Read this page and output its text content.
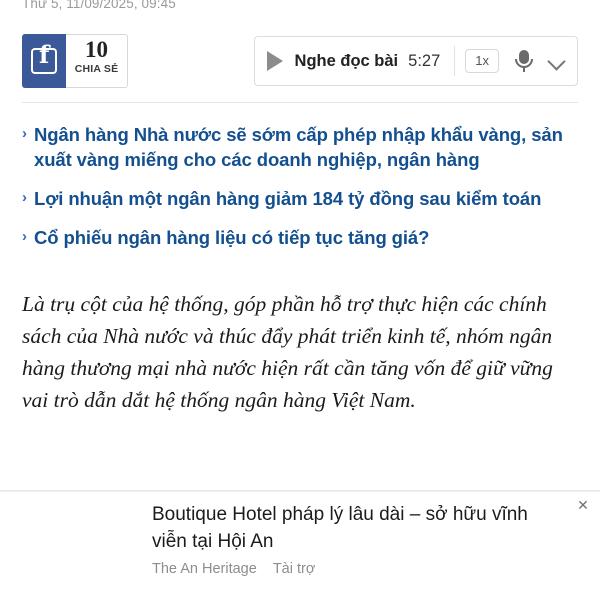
Thứ 5, 11/09/2025, 09:45
f
10
CHIA SẺ	Nghe đọc bài 5:27	1x
› Ngân hàng Nhà nước sẽ sớm cấp phép nhập khẩu vàng, sản xuất vàng miếng cho các doanh nghiệp, ngân hàng
› Lợi nhuận một ngân hàng giảm 184 tỷ đồng sau kiểm toán
› Cổ phiếu ngân hàng liệu có tiếp tục tăng giá?
Là trụ cột của hệ thống, góp phần hỗ trợ thực hiện các chính sách của Nhà nước và thúc đẩy phát triển kinh tế, nhóm ngân hàng thương mại nhà nước hiện rất cần tăng vốn để giữ vững vai trò dẫn dắt hệ thống ngân hàng Việt Nam.
Boutique Hotel pháp lý lâu dài – sở hữu vĩnh viễn tại Hội An
The An Heritage Tài trợ
✕
